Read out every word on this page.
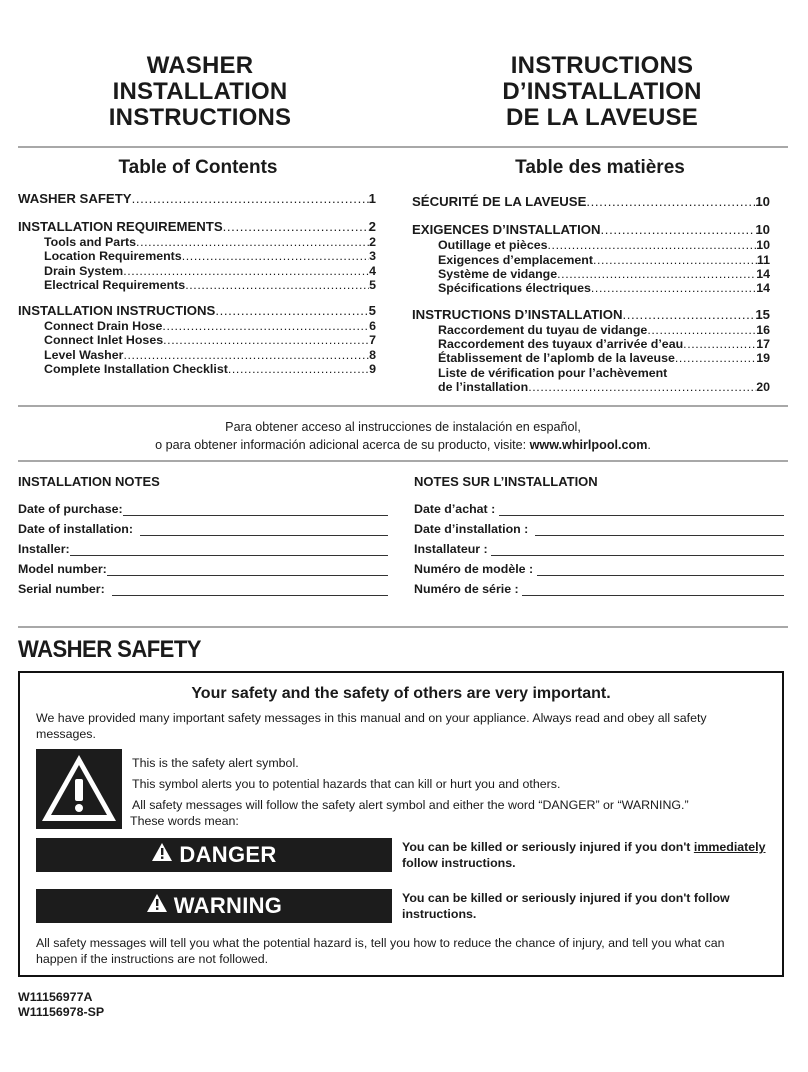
WASHER
INSTALLATION
INSTRUCTIONS
INSTRUCTIONS
D’INSTALLATION
DE LA LAVEUSE
Table of Contents	Table des matières
WASHER SAFETY .....	1
INSTALLATION REQUIREMENTS .....	2
Tools and Parts .....	2
Location Requirements .....	3
Drain System .....	4
Electrical Requirements .....	5
INSTALLATION INSTRUCTIONS .....	5
Connect Drain Hose .....	6
Connect Inlet Hoses .....	7
Level Washer .....	8
Complete Installation Checklist .....	9
SÉCURITÉ DE LA LAVEUSE .....	10
EXIGENCES D’INSTALLATION .....	10
Outillage et pièces .....	10
Exigences d’emplacement .....	11
Système de vidange .....	14
Spécifications électriques .....	14
INSTRUCTIONS D’INSTALLATION .....	15
Raccordement du tuyau de vidange .....	16
Raccordement des tuyaux d’arrivée d’eau .....	17
Établissement de l’aplomb de la laveuse .....	19
Liste de vérification pour l’achèvement
de l’installation .....	20
Para obtener acceso al instrucciones de instalación en español,
o para obtener información adicional acerca de su producto, visite: www.whirlpool.com.
INSTALLATION NOTES	NOTES SUR L’INSTALLATION
Date of purchase:
Date of installation:
Installer:
Model number:
Serial number:
Date d’achat :
Date d’installation :
Installateur :
Numéro de modèle :
Numéro de série :
WASHER SAFETY
Your safety and the safety of others are very important.
We have provided many important safety messages in this manual and on your appliance. Always read and obey all safety messages.
This is the safety alert symbol.
This symbol alerts you to potential hazards that can kill or hurt you and others.
All safety messages will follow the safety alert symbol and either the word “DANGER” or “WARNING.”
These words mean:
DANGER	You can be killed or seriously injured if you don't immediately
follow instructions.
WARNING	You can be killed or seriously injured if you don't follow instructions.
All safety messages will tell you what the potential hazard is, tell you how to reduce the chance of injury, and tell you what can happen if the instructions are not followed.
W11156977A
W11156978-SP
